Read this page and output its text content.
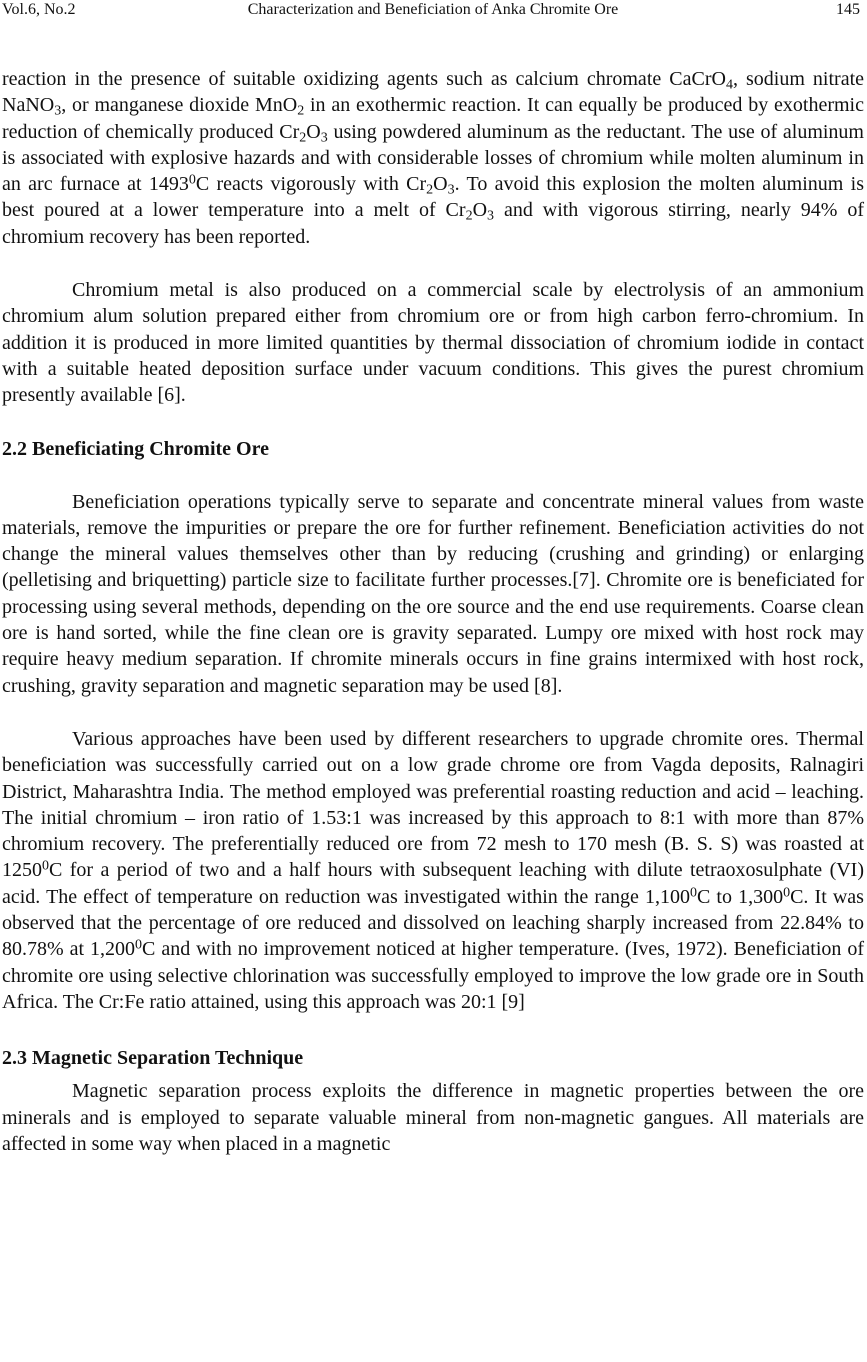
Vol.6, No.2	Characterization and Beneficiation of Anka Chromite Ore	145

reaction in the presence of suitable oxidizing agents such as calcium chromate CaCrO$_4$, sodium nitrate NaNO$_3$, or manganese dioxide MnO$_2$ in an exothermic reaction. It can equally be produced by exothermic reduction of chemically produced $Cr_2O_3$ using powdered aluminum as the reductant. The use of aluminum is associated with explosive hazards and with considerable losses of chromium while molten aluminum in an arc furnace at 1493$^0$C reacts vigorously with $Cr_2O_3$. To avoid this explosion the molten aluminum is best poured at a lower temperature into a melt of $Cr_2O_3$ and with vigorous stirring, nearly 94% of chromium recovery has been reported.

Chromium metal is also produced on a commercial scale by electrolysis of an ammonium chromium alum solution prepared either from chromium ore or from high carbon ferro-chromium. In addition it is produced in more limited quantities by thermal dissociation of chromium iodide in contact with a suitable heated deposition surface under vacuum conditions. This gives the purest chromium presently available [6].

2.2 Beneficiating Chromite Ore

Beneficiation operations typically serve to separate and concentrate mineral values from waste materials, remove the impurities or prepare the ore for further refinement. Beneficiation activities do not change the mineral values themselves other than by reducing (crushing and grinding) or enlarging (pelletising and briquetting) particle size to facilitate further processes.[7]. Chromite ore is beneficiated for processing using several methods, depending on the ore source and the end use requirements. Coarse clean ore is hand sorted, while the fine clean ore is gravity separated. Lumpy ore mixed with host rock may require heavy medium separation. If chromite minerals occurs in fine grains intermixed with host rock, crushing, gravity separation and magnetic separation may be used [8].

Various approaches have been used by different researchers to upgrade chromite ores. Thermal beneficiation was successfully carried out on a low grade chrome ore from Vagda deposits, Ralnagiri District, Maharashtra India. The method employed was preferential roasting reduction and acid – leaching. The initial chromium – iron ratio of 1.53:1 was increased by this approach to 8:1 with more than 87% chromium recovery. The preferentially reduced ore from 72 mesh to 170 mesh (B. S. S) was roasted at 1250$^0$C for a period of two and a half hours with subsequent leaching with dilute tetraoxosulphate (VI) acid. The effect of temperature on reduction was investigated within the range 1,100$^0$C to 1,300$^0$C. It was observed that the percentage of ore reduced and dissolved on leaching sharply increased from 22.84% to 80.78% at 1,200$^0$C and with no improvement noticed at higher temperature. (Ives, 1972). Beneficiation of chromite ore using selective chlorination was successfully employed to improve the low grade ore in South Africa. The Cr:Fe ratio attained, using this approach was 20:1 [9]

2.3 Magnetic Separation Technique

Magnetic separation process exploits the difference in magnetic properties between the ore minerals and is employed to separate valuable mineral from non-magnetic gangues. All materials are affected in some way when placed in a magnetic
